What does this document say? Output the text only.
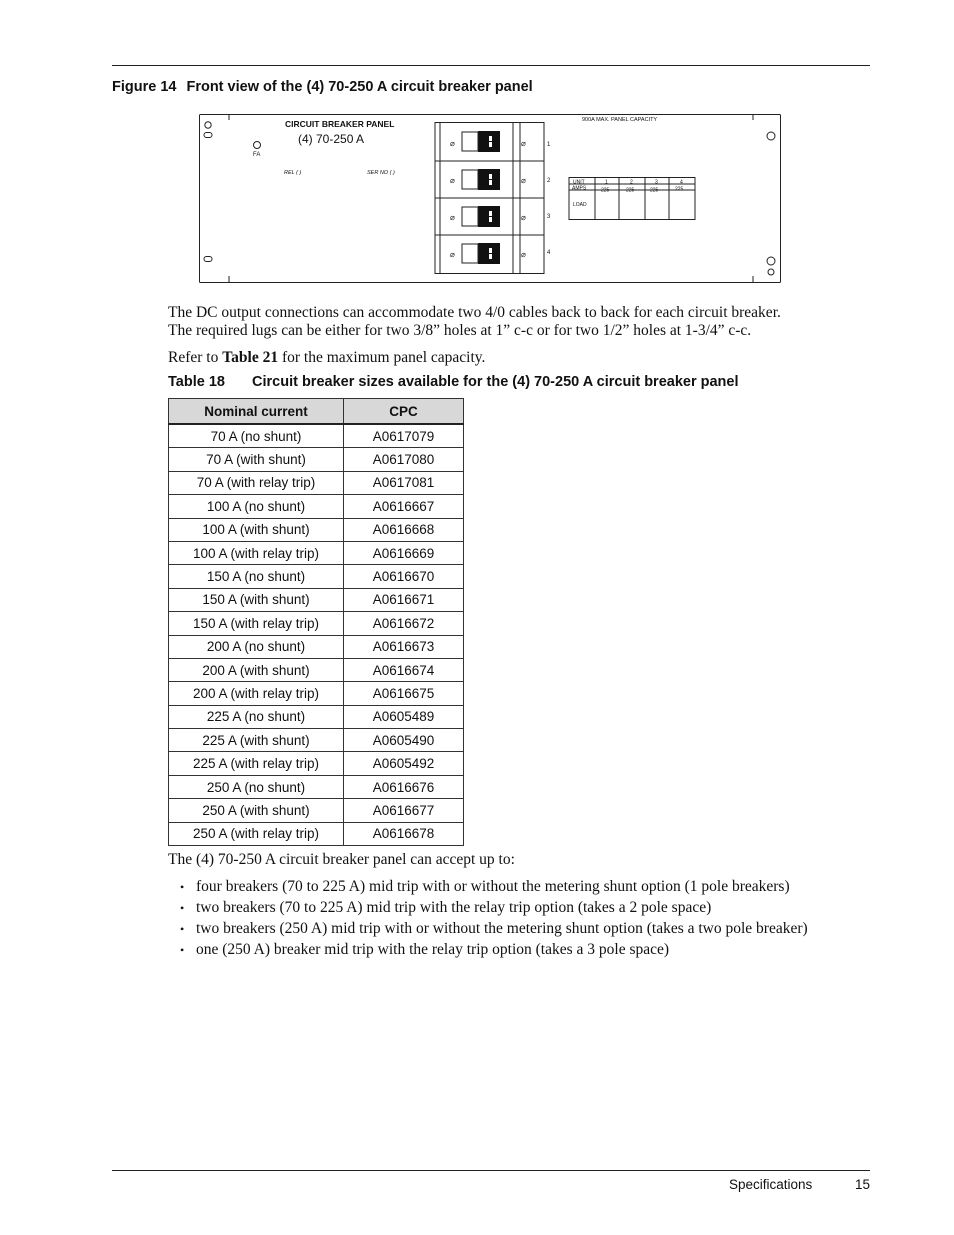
Figure 14 Front view of the (4) 70-250 A circuit breaker panel
⌀	⌀
⌀	⌀
⌀	⌀
⌀	⌀
CIRCUIT BREAKER PANEL
(4) 70-250 A
FA
REL ( )	SER NO ( )
900A MAX. PANEL CAPACITY
1
2
3
4
UNIT
AMPS
LOAD
1	2	3	4
225	225	225	225

The DC output connections can accommodate two 4/0 cables back to back for each circuit breaker.
The required lugs can be either for two 3/8” holes at 1” c-c or for two 1/2” holes at 1-3/4” c-c.

Refer to Table 21 for the maximum panel capacity.

Table 18 Circuit breaker sizes available for the (4) 70-250 A circuit breaker panel
Nominal current	CPC
70 A (no shunt)	A0617079
70 A (with shunt)	A0617080
70 A (with relay trip)	A0617081
100 A (no shunt)	A0616667
100 A (with shunt)	A0616668
100 A (with relay trip)	A0616669
150 A (no shunt)	A0616670
150 A (with shunt)	A0616671
150 A (with relay trip)	A0616672
200 A (no shunt)	A0616673
200 A (with shunt)	A0616674
200 A (with relay trip)	A0616675
225 A (no shunt)	A0605489
225 A (with shunt)	A0605490
225 A (with relay trip)	A0605492
250 A (no shunt)	A0616676
250 A (with shunt)	A0616677
250 A (with relay trip)	A0616678

The (4) 70-250 A circuit breaker panel can accept up to:

• four breakers (70 to 225 A) mid trip with or without the metering shunt option (1 pole breakers)
• two breakers (70 to 225 A) mid trip with the relay trip option (takes a 2 pole space)
• two breakers (250 A) mid trip with or without the metering shunt option (takes a two pole breaker)
• one (250 A) breaker mid trip with the relay trip option (takes a 3 pole space)
Specifications	15
